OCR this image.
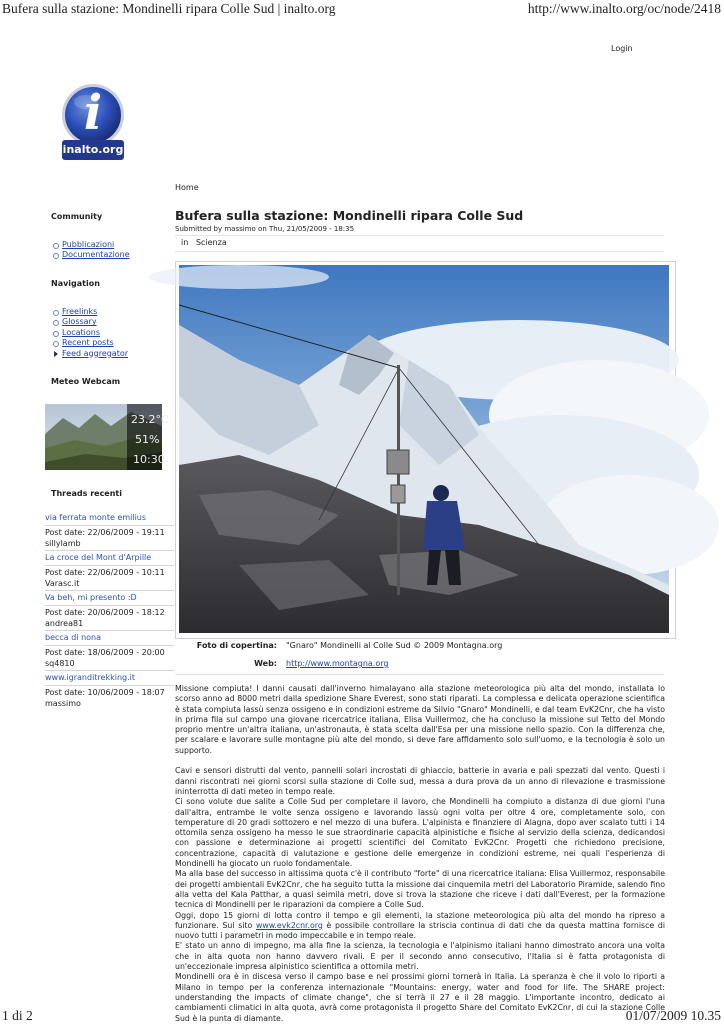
Bufera sulla stazione: Mondinelli ripara Colle Sud | inalto.org	http://www.inalto.org/oc/node/2418
1 di 2	01/07/2009 10.35
Login
i
inalto.org
Home
Community
Pubblicazioni
Documentazione
Navigation
Freelinks
Glossary
Locations
Recent posts
Feed aggregator
Meteo Webcam
23.2°C
51%
10:30
Threads recenti
via ferrata monte emilius
Post date: 22/06/2009 - 19:11
sillylamb
La croce del Mont d'Arpille
Post date: 22/06/2009 - 10:11
Varasc.it
Va beh, mi presento :D
Post date: 20/06/2009 - 18:12
andrea81
becca di nona
Post date: 18/06/2009 - 20:00
sq4810
www.igranditrekking.it
Post date: 10/06/2009 - 18:07
massimo
Bufera sulla stazione: Mondinelli ripara Colle Sud
Submitted by massimo on Thu, 21/05/2009 - 18:35
in Scienza
Foto di copertina: "Gnaro" Mondinelli al Colle Sud © 2009 Montagna.org
Web: http://www.montagna.org

Missione compiuta! I danni causati dall'inverno himalayano alla stazione meteorologica più alta del mondo, installata lo scorso anno ad 8000 metri dalla spedizione Share Everest, sono stati riparati. La complessa e delicata operazione scientifica è stata compiuta lassù senza ossigeno e in condizioni estreme da Silvio "Gnaro" Mondinelli, e dal team EvK2Cnr, che ha visto in prima fila sul campo una giovane ricercatrice italiana, Elisa Vuillermoz, che ha concluso la missione sul Tetto del Mondo proprio mentre un'altra italiana, un'astronauta, è stata scelta dall'Esa per una missione nello spazio. Con la differenza che, per scalare e lavorare sulle montagne più alte del mondo, si deve fare affidamento solo sull'uomo, e la tecnologia è solo un supporto.

Cavi e sensori distrutti dal vento, pannelli solari incrostati di ghiaccio, batterie in avaria e pali spezzati dal vento. Questi i danni riscontrati nei giorni scorsi sulla stazione di Colle sud, messa a dura prova da un anno di rilevazione e trasmissione ininterrotta di dati meteo in tempo reale.
Ci sono volute due salite a Colle Sud per completare il lavoro, che Mondinelli ha compiuto a distanza di due giorni l'una dall'altra, entrambe le volte senza ossigeno e lavorando lassù ogni volta per oltre 4 ore, completamente solo, con temperature di 20 gradi sottozero e nel mezzo di una bufera. L'alpinista e finanziere di Alagna, dopo aver scalato tutti i 14 ottomila senza ossigeno ha messo le sue straordinarie capacità alpinistiche e fisiche al servizio della scienza, dedicandosi con passione e determinazione ai progetti scientifici del Comitato EvK2Cnr. Progetti che richiedono precisione, concentrazione, capacità di valutazione e gestione delle emergenze in condizioni estreme, nei quali l'esperienza di Mondinelli ha giocato un ruolo fondamentale.
Ma alla base del successo in altissima quota c'è il contributo "forte" di una ricercatrice italiana: Elisa Vuillermoz, responsabile dei progetti ambientali EvK2Cnr, che ha seguito tutta la missione dai cinquemila metri del Laboratorio Piramide, salendo fino alla vetta del Kala Patthar, a quasi seimila metri, dove si trova la stazione che riceve i dati dall'Everest, per la formazione tecnica di Mondinelli per le riparazioni da compiere a Colle Sud.
Oggi, dopo 15 giorni di lotta contro il tempo e gli elementi, la stazione meteorologica più alta del mondo ha ripreso a funzionare. Sul sito www.evk2cnr.org è possibile controllare la striscia continua di dati che da questa mattina fornisce di nuovo tutti i parametri in modo impeccabile e in tempo reale.
E' stato un anno di impegno, ma alla fine la scienza, la tecnologia e l'alpinismo italiani hanno dimostrato ancora una volta che in alta quota non hanno davvero rivali. E per il secondo anno consecutivo, l'Italia si è fatta protagonista di un'eccezionale impresa alpinistico scientifica a ottomila metri.
Mondinelli ora è in discesa verso il campo base e nei prossimi giorni tornerà in Italia. La speranza è che il volo lo riporti a Milano in tempo per la conferenza internazionale "Mountains: energy, water and food for life. The SHARE project: understanding the impacts of climate change", che si terrà il 27 e il 28 maggio. L'importante incontro, dedicato ai cambiamenti climatici in alta quota, avrà come protagonista il progetto Share del Comitato EvK2Cnr, di cui la stazione Colle Sud è la punta di diamante.
